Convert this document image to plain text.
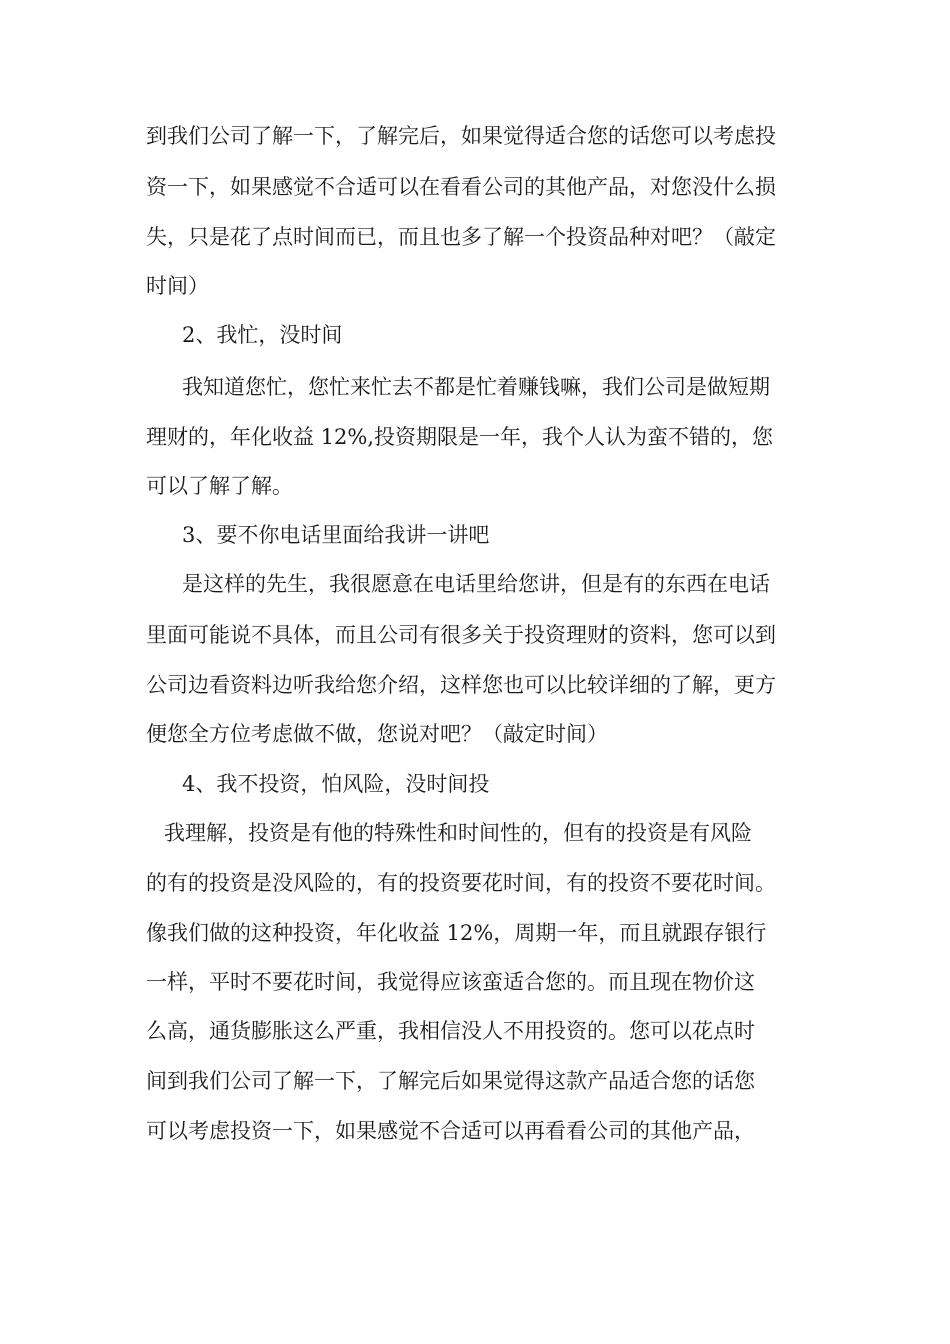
到我们公司了解一下，了解完后，如果觉得适合您的话您可以考虑投

资一下，如果感觉不合适可以在看看公司的其他产品，对您没什么损

失，只是花了点时间而已，而且也多了解一个投资品种对吧？（敲定

时间）

2、我忙，没时间

我知道您忙，您忙来忙去不都是忙着赚钱嘛，我们公司是做短期

理财的，年化收益 12%,投资期限是一年，我个人认为蛮不错的，您

可以了解了解。

3、要不你电话里面给我讲一讲吧

是这样的先生，我很愿意在电话里给您讲，但是有的东西在电话

里面可能说不具体，而且公司有很多关于投资理财的资料，您可以到

公司边看资料边听我给您介绍，这样您也可以比较详细的了解，更方

便您全方位考虑做不做，您说对吧？（敲定时间）

4、我不投资，怕风险，没时间投

我理解，投资是有他的特殊性和时间性的，但有的投资是有风险

的有的投资是没风险的，有的投资要花时间，有的投资不要花时间。

像我们做的这种投资，年化收益 12%，周期一年，而且就跟存银行

一样，平时不要花时间，我觉得应该蛮适合您的。而且现在物价这

么高，通货膨胀这么严重，我相信没人不用投资的。您可以花点时

间到我们公司了解一下，了解完后如果觉得这款产品适合您的话您

可以考虑投资一下，如果感觉不合适可以再看看公司的其他产品，
